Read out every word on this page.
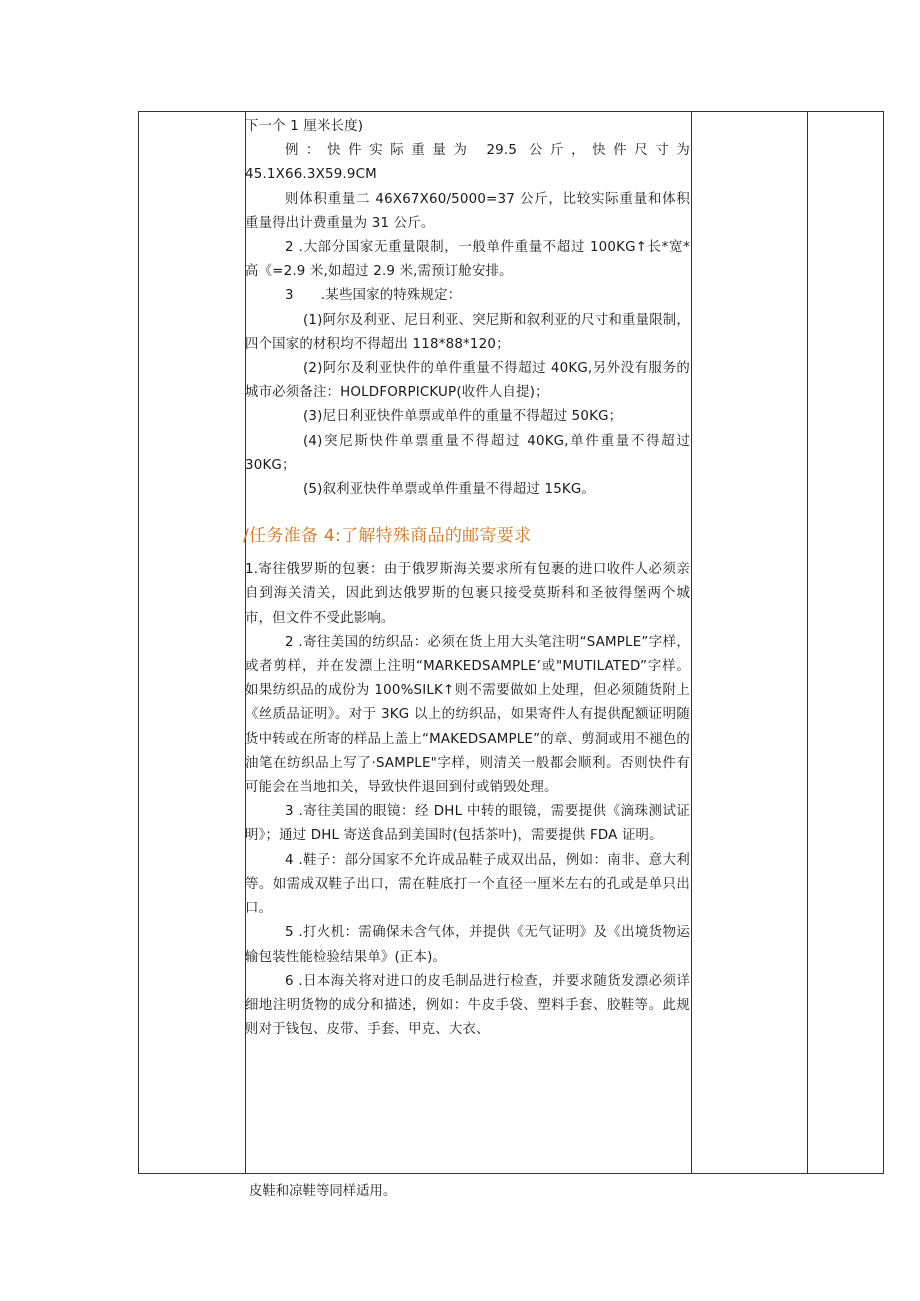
下一个 1 厘米长度)

例：快件实际重量为 29.5 公斤，快件尺寸为 45.1X66.3X59.9CM

则体积重量二 46X67X60/5000=37 公斤，比较实际重量和体积重量得出计费重量为 31 公斤。

2 .大部分国家无重量限制，一般单件重量不超过 100KG↑长*宽*高《=2.9 米,如超过 2.9 米,需预订舱安排。

3　　.某些国家的特殊规定：

(1)阿尔及利亚、尼日利亚、突尼斯和叙利亚的尺寸和重量限制，四个国家的材积均不得超出 118*88*120；

(2)阿尔及利亚快件的单件重量不得超过 40KG,另外没有服务的城市必须备注：HOLDFORPICKUP(收件人自提)；

(3)尼日利亚快件单票或单件的重量不得超过 50KG；

(4)突尼斯快件单票重量不得超过 40KG,单件重量不得超过 30KG；

(5)叙利亚快件单票或单件重量不得超过 15KG。

/任务准备 4:了解特殊商品的邮寄要求

1.寄往俄罗斯的包裹：由于俄罗斯海关要求所有包裹的进口收件人必须亲自到海关清关，因此到达俄罗斯的包裹只接受莫斯科和圣彼得堡两个城市，但文件不受此影响。

2 .寄往美国的纺织品：必须在货上用大头笔注明“SAMPLE”字样，或者剪样，并在发漂上注明“MARKEDSAMPLE’或"MUTILATED”字样。如果纺织品的成份为 100%SILK↑则不需要做如上处理，但必须随货附上《丝质品证明》。对于 3KG 以上的纺织品，如果寄件人有提供配额证明随货中转或在所寄的样品上盖上“MAKEDSAMPLE”的章、剪洞或用不褪色的油笔在纺织品上写了·SAMPLE"字样，则清关一般都会顺利。否则快件有可能会在当地扣关，导致快件退回到付或销毁处理。

3 .寄往美国的眼镜：经 DHL 中转的眼镜，需要提供《滴珠测试证明》；通过 DHL 寄送食品到美国时(包括茶叶)，需要提供 FDA 证明。

4 .鞋子：部分国家不允许成品鞋子成双出品，例如：南非、意大利等。如需成双鞋子出口，需在鞋底打一个直径一厘米左右的孔或是单只出口。

5 .打火机：需确保未含气体，并提供《无气证明》及《出境货物运输包装性能检验结果单》(正本)。

6 .日本海关将对进口的皮毛制品进行检查，并要求随货发漂必须详细地注明货物的成分和描述，例如：牛皮手袋、塑料手套、胶鞋等。此规则对于钱包、皮带、手套、甲克、大衣、

皮鞋和凉鞋等同样适用。
